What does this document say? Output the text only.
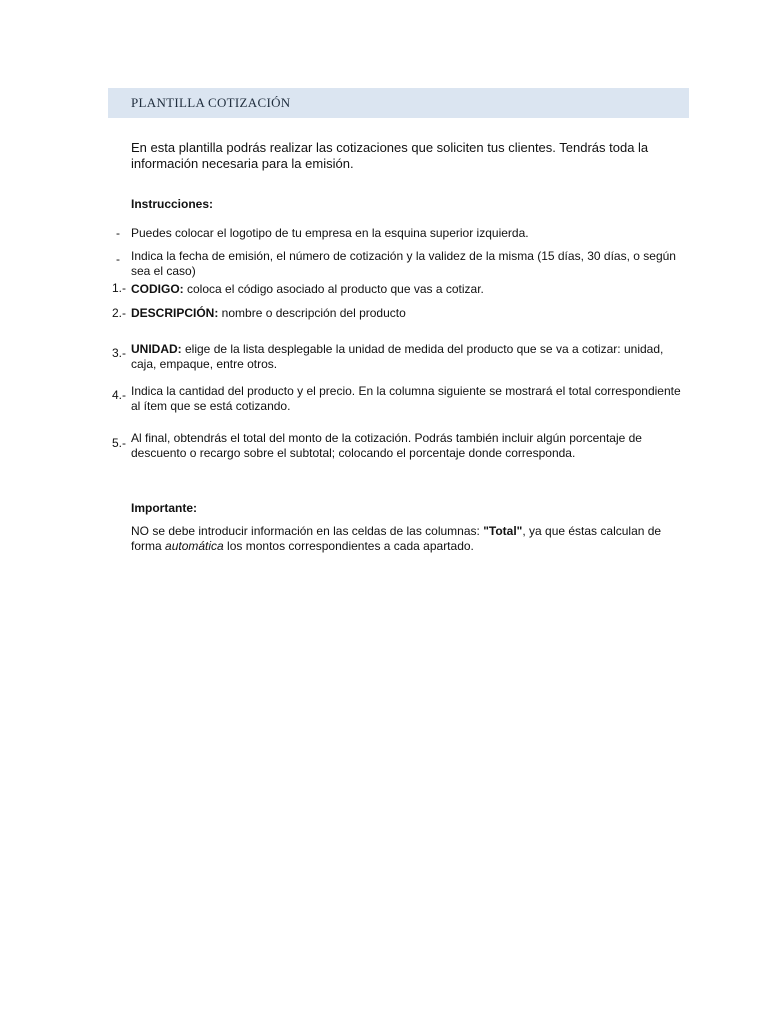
PLANTILLA COTIZACIÓN
En esta plantilla podrás realizar las cotizaciones que soliciten tus clientes. Tendrás toda la información necesaria para la emisión.
Instrucciones:
- Puedes colocar el logotipo de tu empresa en la esquina superior izquierda.
- Indica la fecha de emisión, el número de cotización y la validez de la misma (15 días, 30 días, o según sea el caso)
1.- CODIGO: coloca el código asociado al producto que vas a cotizar.
2.- DESCRIPCIÓN: nombre o descripción del producto
3.- UNIDAD: elige de la lista desplegable la unidad de medida del producto que se va a cotizar: unidad, caja, empaque, entre otros.
4.- Indica la cantidad del producto y el precio. En la columna siguiente se mostrará el total correspondiente al ítem que se está cotizando.
5.- Al final, obtendrás el total del monto de la cotización. Podrás también incluir algún porcentaje de descuento o recargo sobre el subtotal; colocando el porcentaje donde corresponda.
Importante:
NO se debe introducir información en las celdas de las columnas: "Total", ya que éstas calculan de forma automática los montos correspondientes a cada apartado.
